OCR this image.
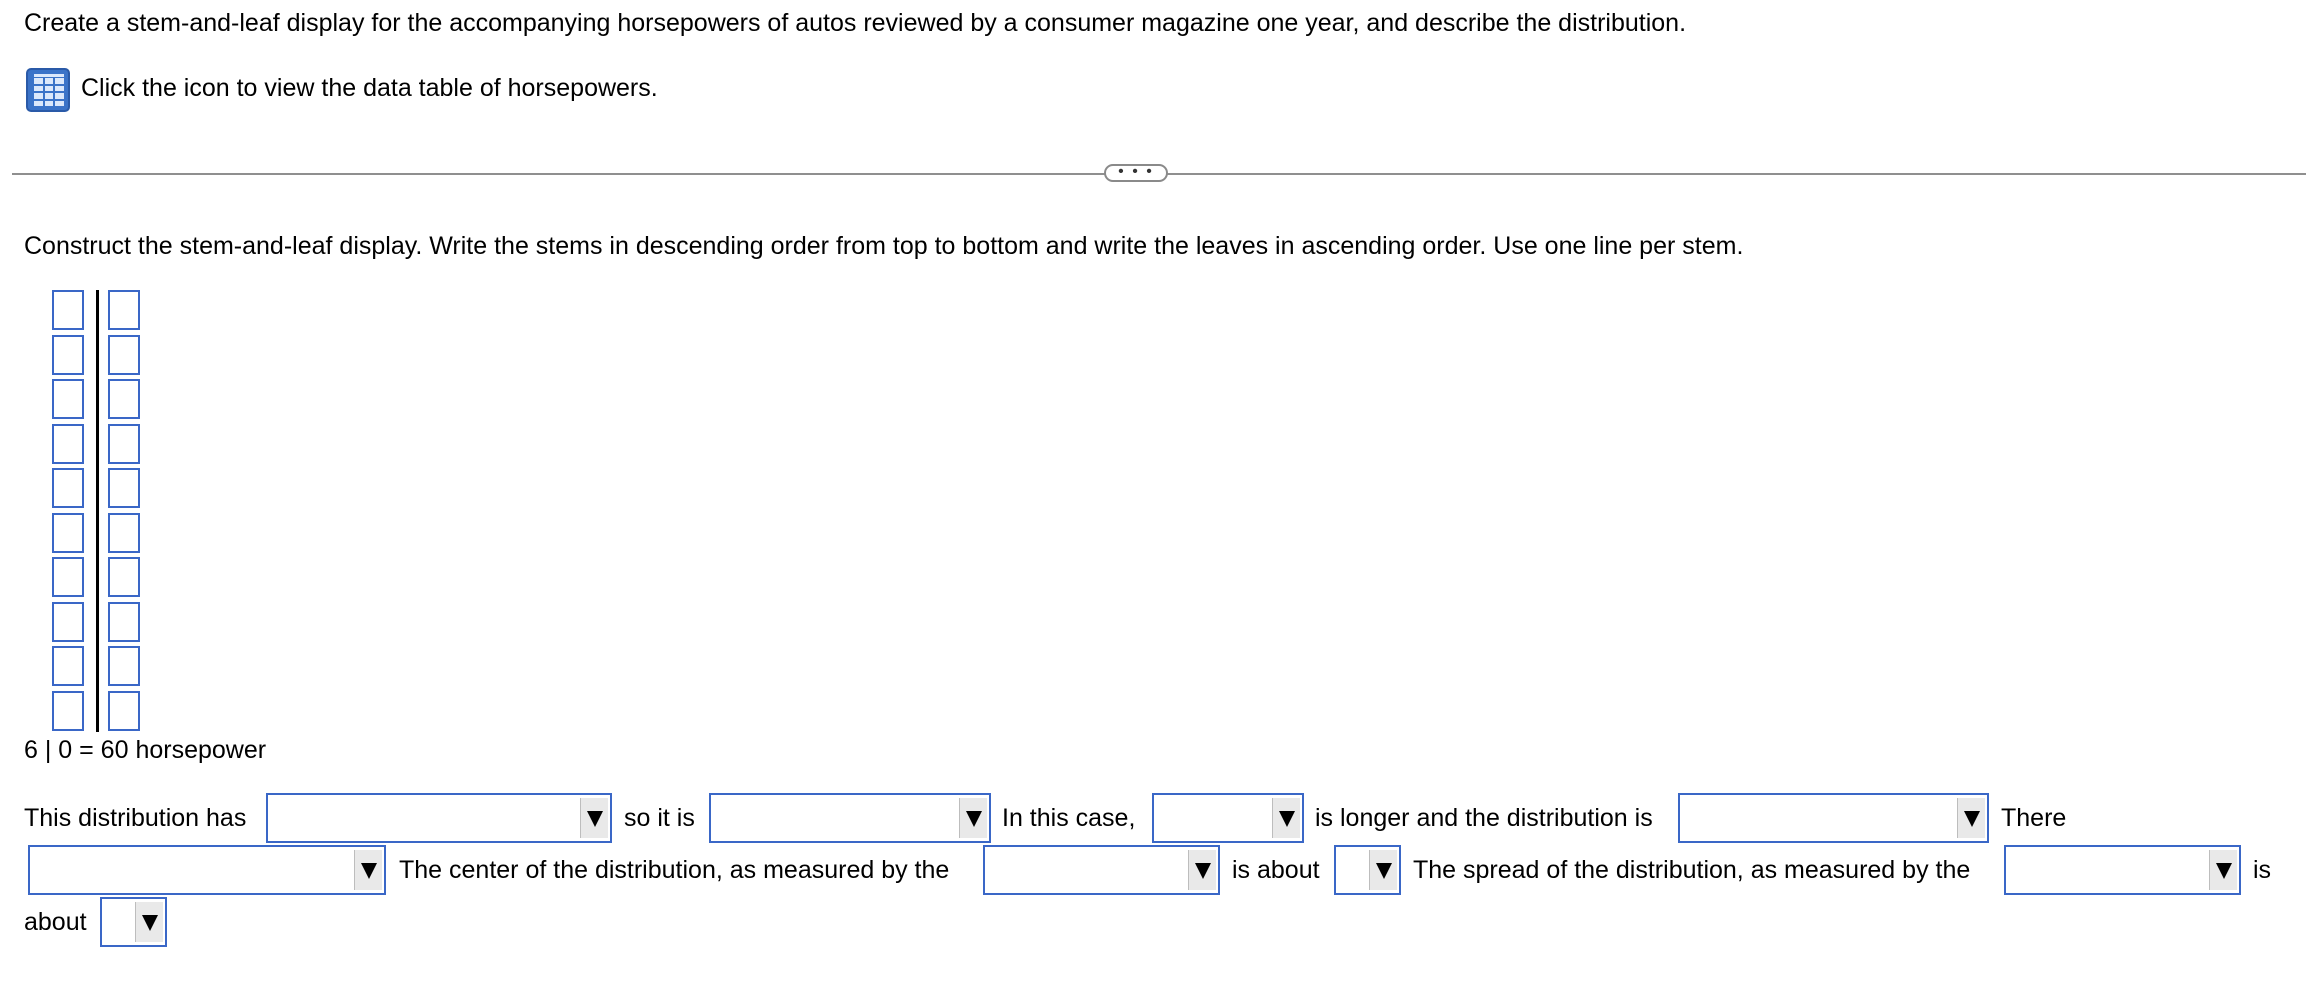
Create a stem-and-leaf display for the accompanying horsepowers of autos reviewed by a consumer magazine one year, and describe the distribution.
Click the icon to view the data table of horsepowers.
• • •
Construct the stem-and-leaf display. Write the stems in descending order from top to bottom and write the leaves in ascending order. Use one line per stem.
6 | 0 = 60 horsepower
This distribution has	so it is	In this case,	is longer and the distribution is	There
The center of the distribution, as measured by the	is about	The spread of the distribution, as measured by the	is
about
